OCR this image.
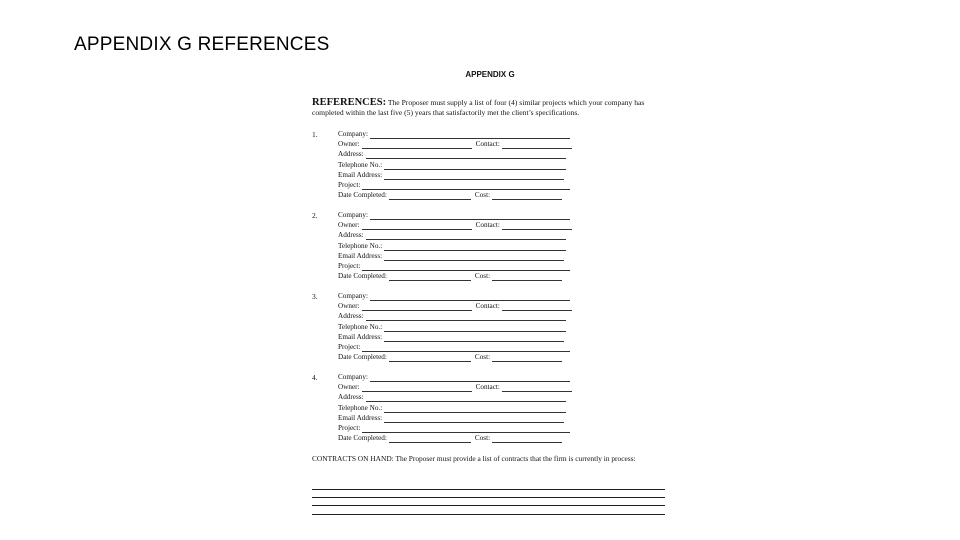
APPENDIX G REFERENCES
APPENDIX G
REFERENCES: The Proposer must supply a list of four (4) similar projects which your company has completed within the last five (5) years that satisfactorily met the client’s specifications.
1.	Company:
Owner:	Contact:
Address:
Telephone No.:
Email Address:
Project:
Date Completed:	Cost:
2.	Company:
Owner:	Contact:
Address:
Telephone No.:
Email Address:
Project:
Date Completed:	Cost:
3.	Company:
Owner:	Contact:
Address:
Telephone No.:
Email Address:
Project:
Date Completed:	Cost:
4.	Company:
Owner:	Contact:
Address:
Telephone No.:
Email Address:
Project:
Date Completed:	Cost:
CONTRACTS ON HAND: The Proposer must provide a list of contracts that the firm is currently in process:
